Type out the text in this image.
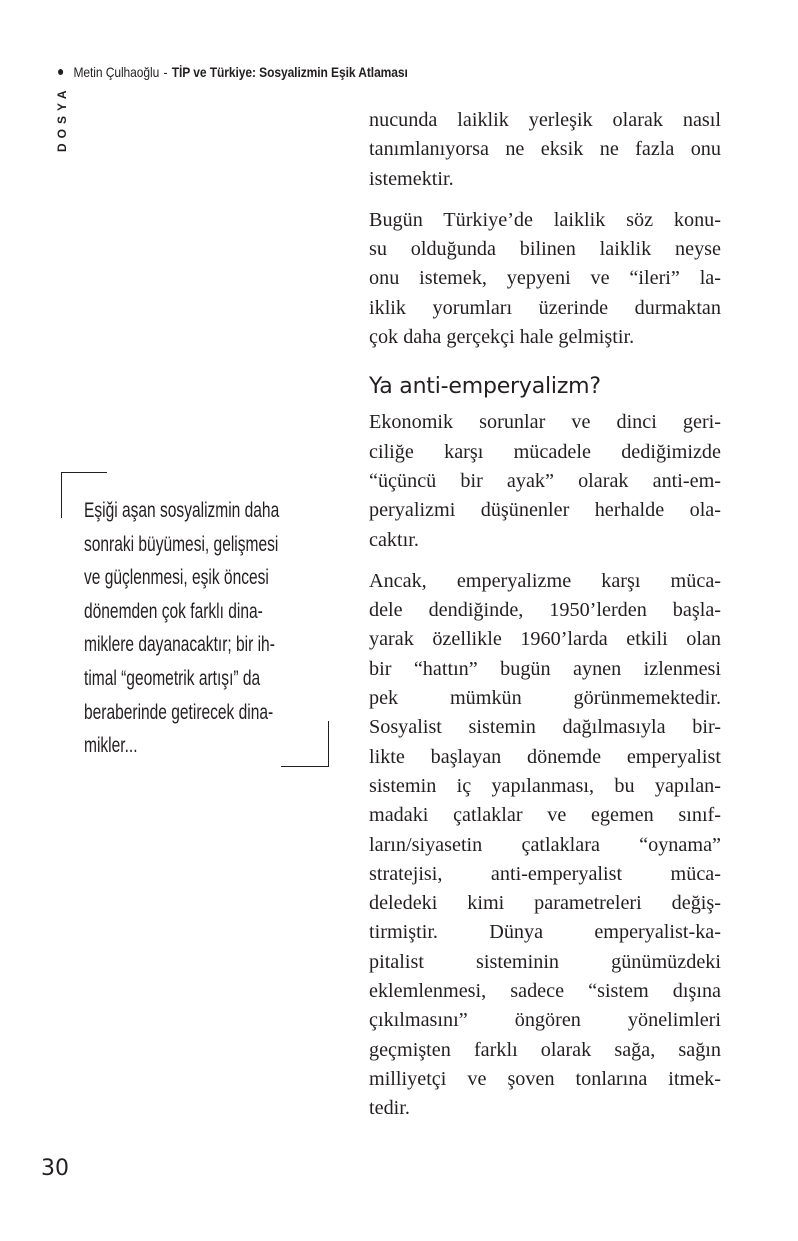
Metin Çulhaoğlu - TİP ve Türkiye: Sosyalizmin Eşik Atlaması
DOSYA
Eşiği aşan sosyalizmin daha
sonraki büyümesi, gelişmesi
ve güçlenmesi, eşik öncesi
dönemden çok farklı dina-
miklere dayanacaktır; bir ih-
timal “geometrik artışı” da
beraberinde getirecek dina-
mikler...
nucunda laiklik yerleşik olarak nasıl
tanımlanıyorsa ne eksik ne fazla onu
istemektir.
Bugün Türkiye’de laiklik söz konu-
su olduğunda bilinen laiklik neyse
onu istemek, yepyeni ve “ileri” la-
iklik yorumları üzerinde durmaktan
çok daha gerçekçi hale gelmiştir.
Ya anti-emperyalizm?
Ekonomik sorunlar ve dinci geri-
ciliğe karşı mücadele dediğimizde
“üçüncü bir ayak” olarak anti-em-
peryalizmi düşünenler herhalde ola-
caktır.
Ancak, emperyalizme karşı müca-
dele dendiğinde, 1950’lerden başla-
yarak özellikle 1960’larda etkili olan
bir “hattın” bugün aynen izlenmesi
pek mümkün görünmemektedir.
Sosyalist sistemin dağılmasıyla bir-
likte başlayan dönemde emperyalist
sistemin iç yapılanması, bu yapılan-
madaki çatlaklar ve egemen sınıf-
ların/siyasetin çatlaklara “oynama”
stratejisi, anti-emperyalist müca-
deledeki kimi parametreleri değiş-
tirmiştir. Dünya emperyalist-ka-
pitalist sisteminin günümüzdeki
eklemlenmesi, sadece “sistem dışına
çıkılmasını” öngören yönelimleri
geçmişten farklı olarak sağa, sağın
milliyetçi ve şoven tonlarına itmek-
tedir.
30
